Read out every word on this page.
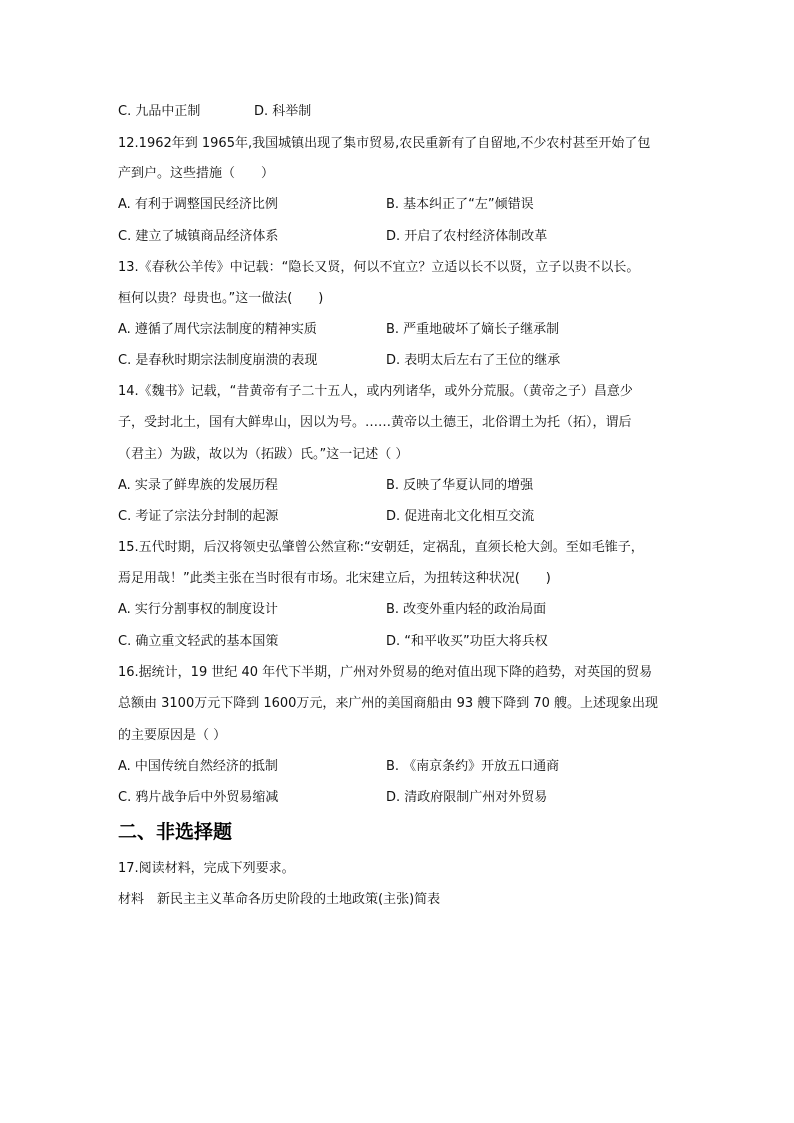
C. 九品中正制	D. 科举制
12.1962年到 1965年,我国城镇出现了集市贸易,农民重新有了自留地,不少农村甚至开始了包
产到户。这些措施（　　）
A. 有利于调整国民经济比例	B. 基本纠正了“左”倾错误
C. 建立了城镇商品经济体系	D. 开启了农村经济体制改革
13.《春秋公羊传》中记载：“隐长又贤，何以不宜立？立适以长不以贤，立子以贵不以长。
桓何以贵？母贵也。”这一做法(　　)
A. 遵循了周代宗法制度的精神实质	B. 严重地破坏了嫡长子继承制
C. 是春秋时期宗法制度崩溃的表现	D. 表明太后左右了王位的继承
14.《魏书》记载，“昔黄帝有子二十五人，或内列诸华，或外分荒服。（黄帝之子）昌意少
子，受封北土，国有大鲜卑山，因以为号。……黄帝以土德王，北俗谓土为托（拓），谓后
（君主）为跋，故以为（拓跋）氏。”这一记述（ ）
A. 实录了鲜卑族的发展历程	B. 反映了华夏认同的增强
C. 考证了宗法分封制的起源	D. 促进南北文化相互交流
15.五代时期，后汉将领史弘肇曾公然宣称:“安朝廷，定祸乱，直须长枪大剑。至如毛锥子，
焉足用哉！”此类主张在当时很有市场。北宋建立后，为扭转这种状况(　　)
A. 实行分割事权的制度设计	B. 改变外重内轻的政治局面
C. 确立重文轻武的基本国策	D. “和平收买”功臣大将兵权
16.据统计，19 世纪 40 年代下半期，广州对外贸易的绝对值出现下降的趋势，对英国的贸易
总额由 3100万元下降到 1600万元，来广州的美国商船由 93 艘下降到 70 艘。上述现象出现
的主要原因是（ ）
A. 中国传统自然经济的抵制	B. 《南京条约》开放五口通商
C. 鸦片战争后中外贸易缩减	D. 清政府限制广州对外贸易
二、非选择题
17.阅读材料，完成下列要求。
材料　新民主主义革命各历史阶段的土地政策(主张)简表
